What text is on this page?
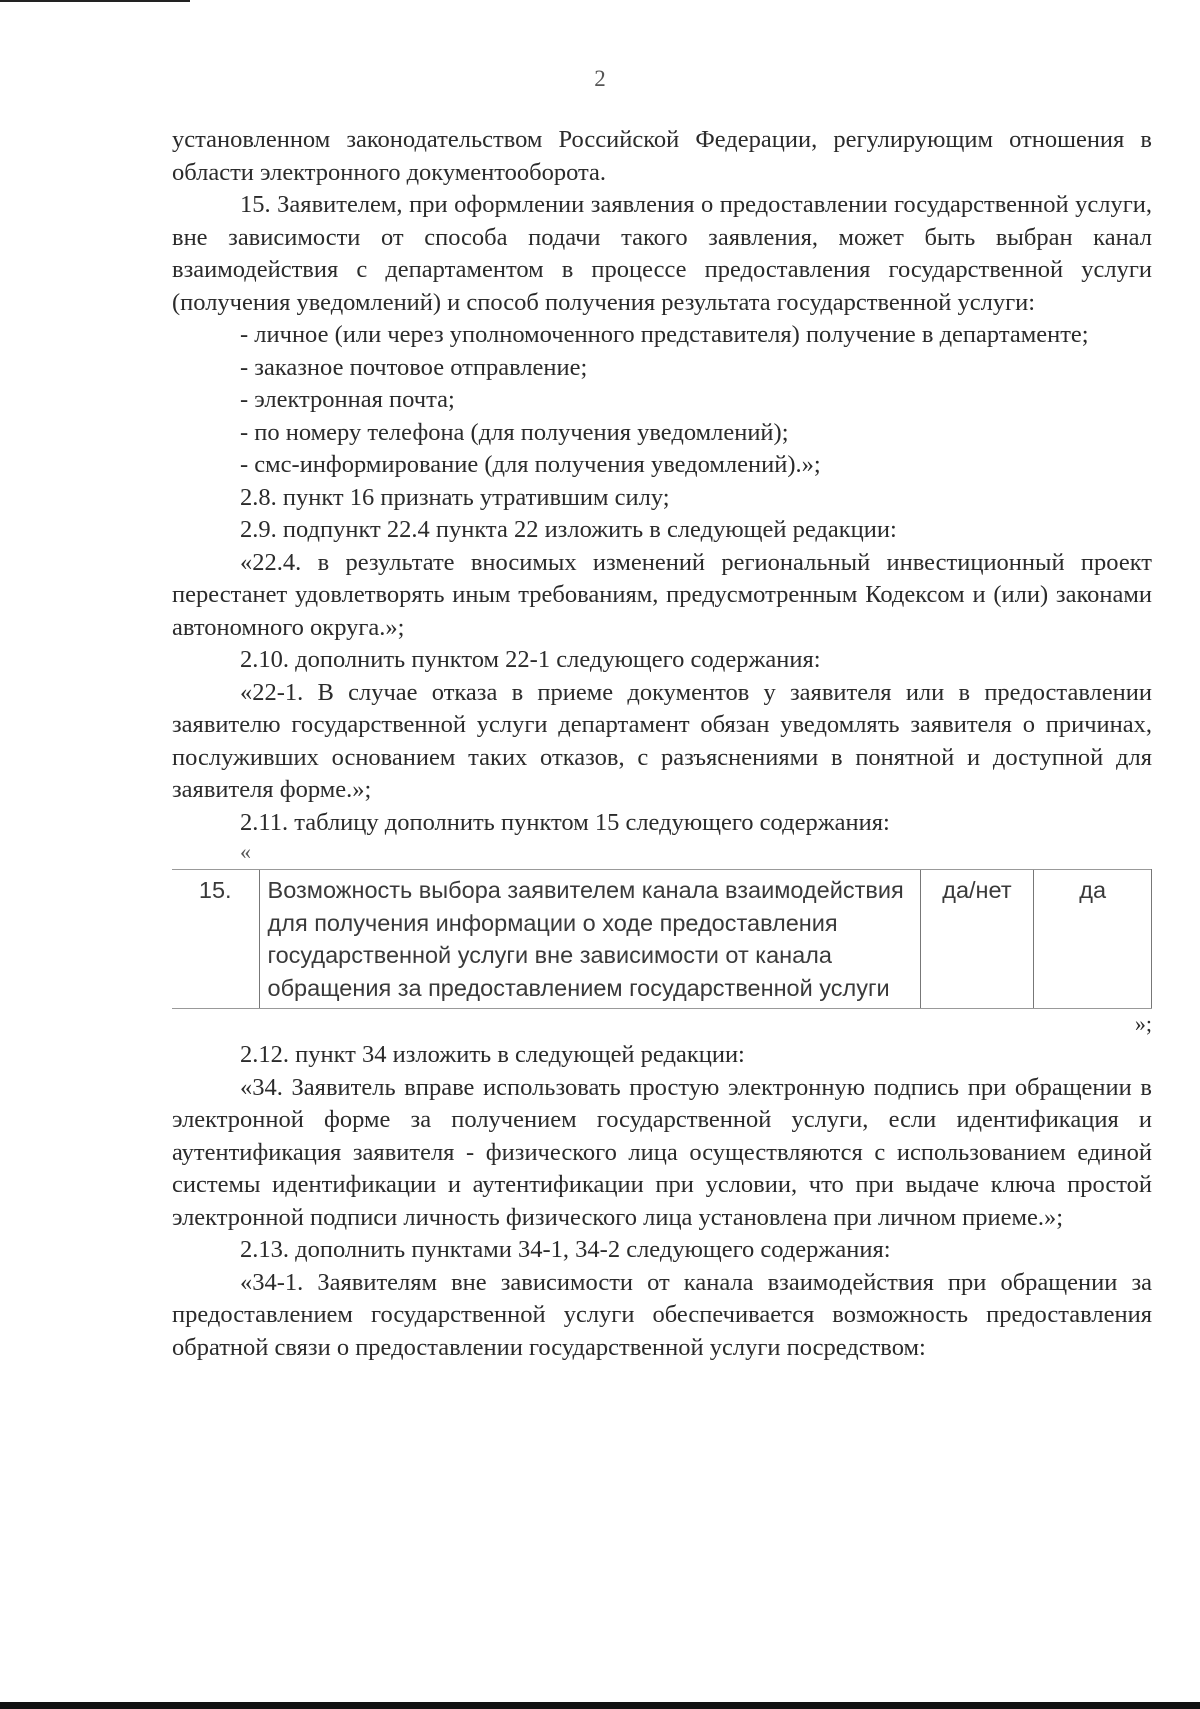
2

установленном законодательством Российской Федерации, регулирующим отношения в области электронного документооборота.

15. Заявителем, при оформлении заявления о предоставлении государственной услуги, вне зависимости от способа подачи такого заявления, может быть выбран канал взаимодействия с департаментом в процессе предоставления государственной услуги (получения уведомлений) и способ получения результата государственной услуги:

- личное (или через уполномоченного представителя) получение в департаменте;

- заказное почтовое отправление;

- электронная почта;

- по номеру телефона (для получения уведомлений);

- смс-информирование (для получения уведомлений).»;

2.8. пункт 16 признать утратившим силу;

2.9. подпункт 22.4 пункта 22 изложить в следующей редакции:

«22.4. в результате вносимых изменений региональный инвестиционный проект перестанет удовлетворять иным требованиям, предусмотренным Кодексом и (или) законами автономного округа.»;

2.10. дополнить пунктом 22-1 следующего содержания:

«22-1. В случае отказа в приеме документов у заявителя или в предоставлении заявителю государственной услуги департамент обязан уведомлять заявителя о причинах, послуживших основанием таких отказов, с разъяснениями в понятной и доступной для заявителя форме.»;

2.11. таблицу дополнить пунктом 15 следующего содержания:

«

15.	Возможность выбора заявителем канала взаимодействия для получения информации о ходе предоставления государственной услуги вне зависимости от канала обращения за предоставлением государственной услуги	да/нет	да

»;

2.12. пункт 34 изложить в следующей редакции:

«34. Заявитель вправе использовать простую электронную подпись при обращении в электронной форме за получением государственной услуги, если идентификация и аутентификация заявителя - физического лица осуществляются с использованием единой системы идентификации и аутентификации при условии, что при выдаче ключа простой электронной подписи личность физического лица установлена при личном приеме.»;

2.13. дополнить пунктами 34-1, 34-2 следующего содержания:

«34-1. Заявителям вне зависимости от канала взаимодействия при обращении за предоставлением государственной услуги обеспечивается возможность предоставления обратной связи о предоставлении государственной услуги посредством:
